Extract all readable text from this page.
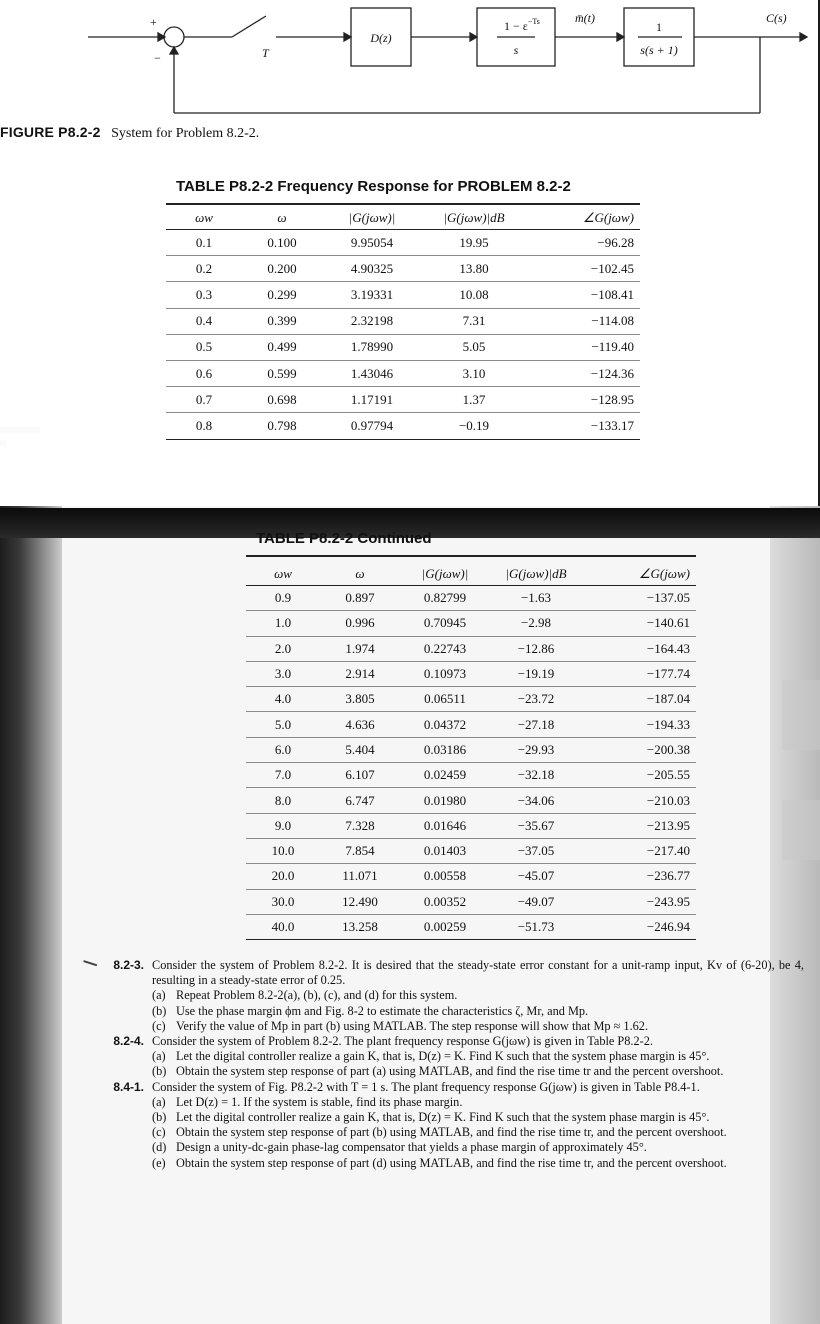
+
−	T
D(z)
$1 - \varepsilon^{-Ts}$
s
m̄(t)
1
s(s + 1)
C(s)
FIGURE P8.2-2 System for Problem 8.2-2.
TABLE P8.2-2 Frequency Response for PROBLEM 8.2-2
ωw	ω	|G(jωw)|	|G(jωw)|dB	∠G(jωw)
0.1	0.100	9.95054	19.95	−96.28
0.2	0.200	4.90325	13.80	−102.45
0.3	0.299	3.19331	10.08	−108.41
0.4	0.399	2.32198	7.31	−114.08
0.5	0.499	1.78990	5.05	−119.40
0.6	0.599	1.43046	3.10	−124.36
0.7	0.698	1.17191	1.37	−128.95
0.8	0.798	0.97794	−0.19	−133.17
TABLE P8.2-2 Continued
ωw	ω	|G(jωw)|	|G(jωw)|dB	∠G(jωw)
0.9	0.897	0.82799	−1.63	−137.05
1.0	0.996	0.70945	−2.98	−140.61
2.0	1.974	0.22743	−12.86	−164.43
3.0	2.914	0.10973	−19.19	−177.74
4.0	3.805	0.06511	−23.72	−187.04
5.0	4.636	0.04372	−27.18	−194.33
6.0	5.404	0.03186	−29.93	−200.38
7.0	6.107	0.02459	−32.18	−205.55
8.0	6.747	0.01980	−34.06	−210.03
9.0	7.328	0.01646	−35.67	−213.95
10.0	7.854	0.01403	−37.05	−217.40
20.0	11.071	0.00558	−45.07	−236.77
30.0	12.490	0.00352	−49.07	−243.95
40.0	13.258	0.00259	−51.73	−246.94
8.2-3. Consider the system of Problem 8.2-2. It is desired that the steady-state error constant for a unit-ramp input, Kv of (6-20), be 4, resulting in a steady-state error of 0.25.
(a) Repeat Problem 8.2-2(a), (b), (c), and (d) for this system.
(b) Use the phase margin ϕm and Fig. 8-2 to estimate the characteristics ζ, Mr, and Mp.
(c) Verify the value of Mp in part (b) using MATLAB. The step response will show that Mp ≈ 1.62.
8.2-4. Consider the system of Problem 8.2-2. The plant frequency response G(jωw) is given in Table P8.2-2.
(a) Let the digital controller realize a gain K, that is, D(z) = K. Find K such that the system phase margin is 45°.
(b) Obtain the system step response of part (a) using MATLAB, and find the rise time tr and the percent overshoot.
8.4-1. Consider the system of Fig. P8.2-2 with T = 1 s. The plant frequency response G(jωw) is given in Table P8.4-1.
(a) Let D(z) = 1. If the system is stable, find its phase margin.
(b) Let the digital controller realize a gain K, that is, D(z) = K. Find K such that the system phase margin is 45°.
(c) Obtain the system step response of part (b) using MATLAB, and find the rise time tr, and the percent overshoot.
(d) Design a unity-dc-gain phase-lag compensator that yields a phase margin of approximately 45°.
(e) Obtain the system step response of part (d) using MATLAB, and find the rise time tr, and the percent overshoot.
